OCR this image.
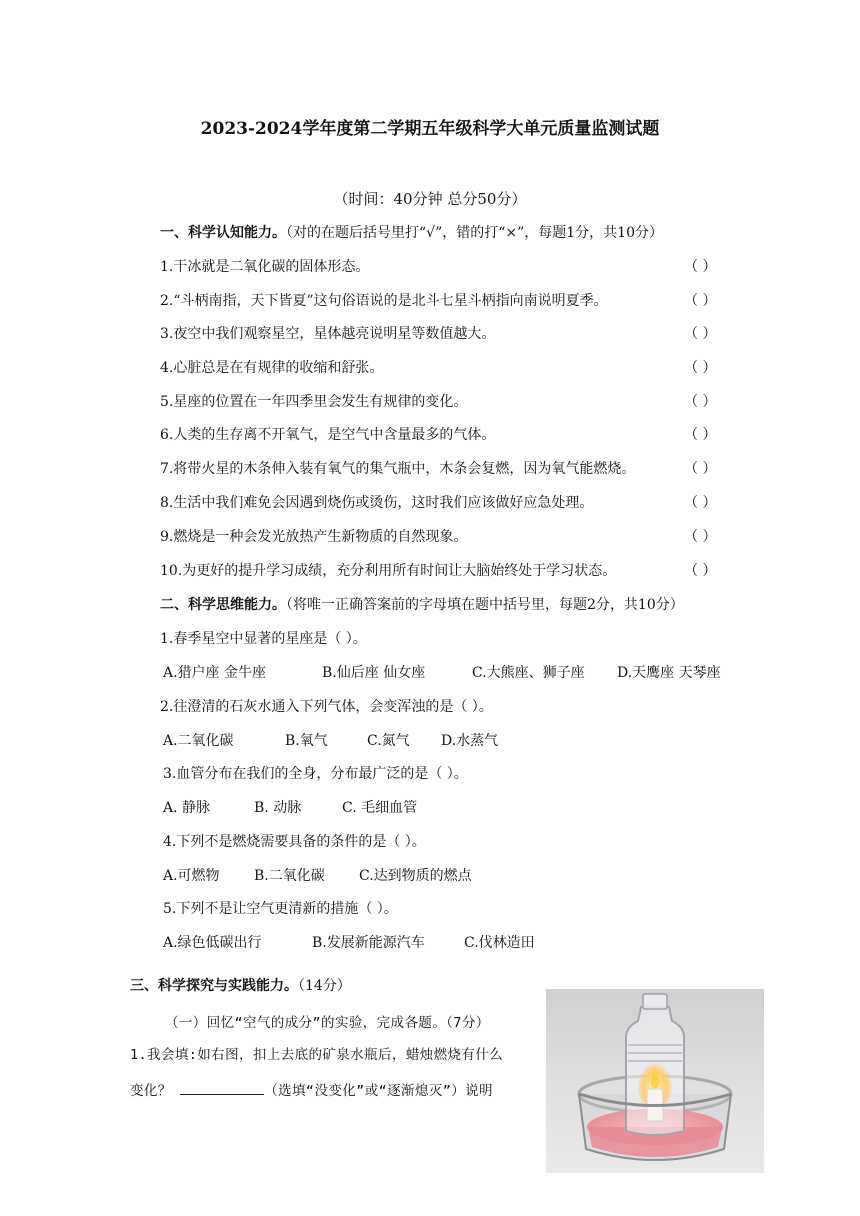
2023-2024学年度第二学期五年级科学大单元质量监测试题
（时间：40分钟 总分50分）
一、科学认知能力。（对的在题后括号里打“√”，错的打“×”，每题1分，共10分）
1.干冰就是二氧化碳的固体形态。	（ ）
2.“斗柄南指，天下皆夏”这句俗语说的是北斗七星斗柄指向南说明夏季。	（ ）
3.夜空中我们观察星空，星体越亮说明星等数值越大。	（ ）
4.心脏总是在有规律的收缩和舒张。	（ ）
5.星座的位置在一年四季里会发生有规律的变化。	（ ）
6.人类的生存离不开氧气，是空气中含量最多的气体。	（ ）
7.将带火星的木条伸入装有氧气的集气瓶中，木条会复燃，因为氧气能燃烧。	（ ）
8.生活中我们难免会因遇到烧伤或烫伤，这时我们应该做好应急处理。	（ ）
9.燃烧是一种会发光放热产生新物质的自然现象。	（ ）
10.为更好的提升学习成绩，充分利用所有时间让大脑始终处于学习状态。	（ ）
二、科学思维能力。（将唯一正确答案前的字母填在题中括号里，每题2分，共10分）
1.春季星空中显著的星座是（ ）。
A.猎户座 金牛座	B.仙后座 仙女座	C.大熊座、狮子座 D.天鹰座 天琴座
2.往澄清的石灰水通入下列气体，会变浑浊的是（ ）。
A.二氧化碳	B.氧气	C.氮气 D.水蒸气
3.血管分布在我们的全身，分布最广泛的是（ ）。
A. 静脉	B. 动脉	C. 毛细血管
4.下列不是燃烧需要具备的条件的是（ ）。
A.可燃物 B.二氧化碳 C.达到物质的燃点
5.下列不是让空气更清新的措施（ ）。
A.绿色低碳出行	B.发展新能源汽车	C.伐林造田
三、科学探究与实践能力。（14分）
（一）回忆“空气的成分”的实验，完成各题。（7分）
1.我会填:如右图，扣上去底的矿泉水瓶后，蜡烛燃烧有什么
变化？	（选填“没变化”或“逐渐熄灭”）说明
